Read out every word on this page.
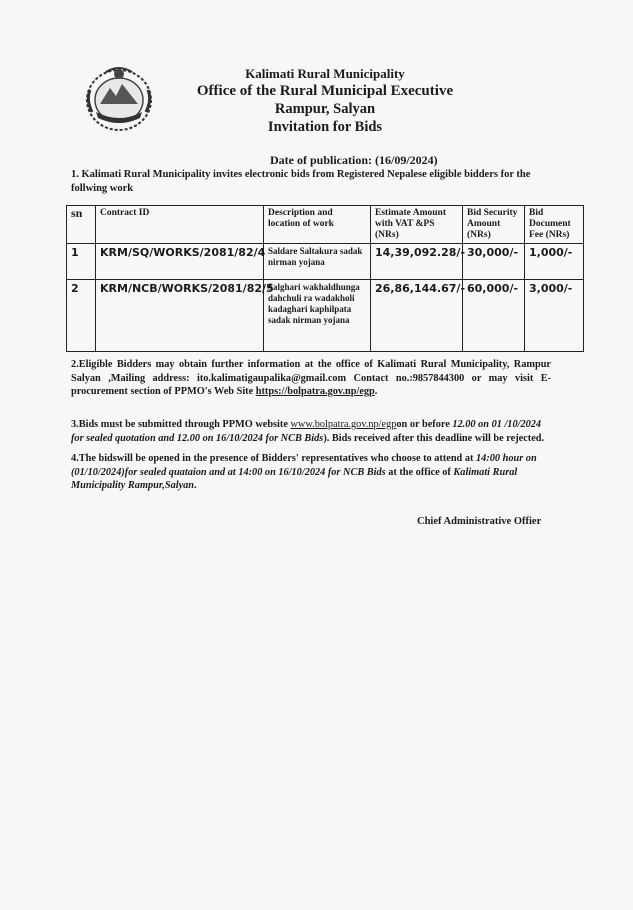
Kalimati Rural Municipality
Office of the Rural Municipal Executive
Rampur, Salyan
Invitation for Bids
Date of publication: (16/09/2024)
1. Kalimati Rural Municipality invites electronic bids from Registered Nepalese eligible bidders for the follwing work
sn	Contract ID	Description and location of work	Estimate Amount with VAT &PS (NRs)	Bid Security Amount (NRs)	Bid Document Fee (NRs)
1	KRM/SQ/WORKS/2081/82/4	Saldare Saltakura sadak nirman yojana	14,39,092.28/-	30,000/-	1,000/-
2	KRM/NCB/WORKS/2081/82/5	Salghari wakhaldhunga dahchuli ra wadakholi kadaghari kaphilpata sadak nirman yojana	26,86,144.67/-	60,000/-	3,000/-
2.Eligible Bidders may obtain further information at the office of Kalimati Rural Municipality, Rampur Salyan ,Mailing address: ito.kalimatigaupalika@gmail.com Contact no.:9857844300 or may visit E-procurement section of PPMO's Web Site https://bolpatra.gov.np/egp.
3.Bids must be submitted through PPMO website www.bolpatra.gov.np/egpon or before 12.00 on 01 /10/2024 for sealed quotation and 12.00 on 16/10/2024 for NCB Bids). Bids received after this deadline will be rejected.
4.The bidswill be opened in the presence of Bidders' representatives who choose to attend at 14:00 hour on (01/10/2024)for sealed quataion and at 14:00 on 16/10/2024 for NCB Bids at the office of Kalimati Rural Municipality Rampur,Salyan.
Chief Administrative Offier
